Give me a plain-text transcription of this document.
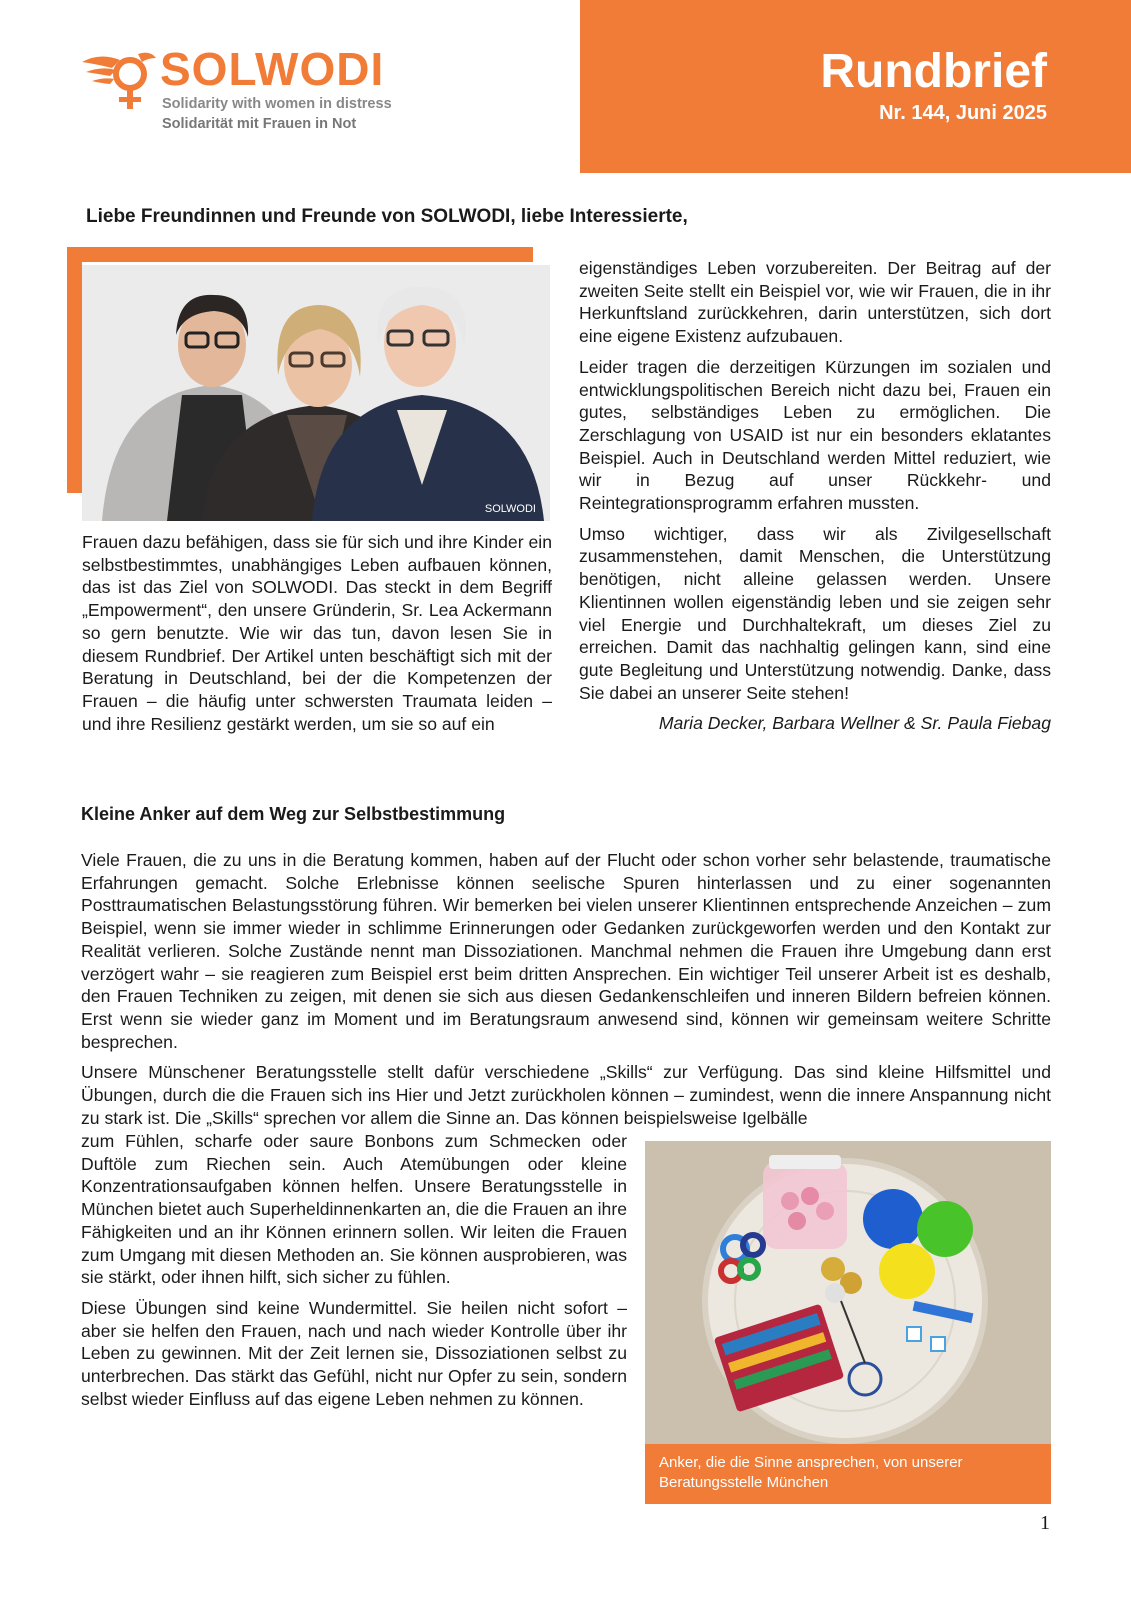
SOLWODI
Solidarity with women in distress
Solidarität mit Frauen in Not
Rundbrief
Nr. 144, Juni 2025
Liebe Freundinnen und Freunde von SOLWODI, liebe Interessierte,
SOLWODI
Frauen dazu befähigen, dass sie für sich und ihre Kinder ein selbstbestimmtes, unabhängiges Leben aufbauen können, das ist das Ziel von SOLWODI. Das steckt in dem Begriff „Empowerment“, den unsere Gründerin, Sr. Lea Ackermann so gern benutzte. Wie wir das tun, davon lesen Sie in diesem Rundbrief. Der Artikel unten beschäftigt sich mit der Beratung in Deutschland, bei der die Kompetenzen der Frauen – die häufig unter schwersten Traumata leiden – und ihre Resilienz gestärkt werden, um sie so auf ein

eigenständiges Leben vorzubereiten. Der Beitrag auf der zweiten Seite stellt ein Beispiel vor, wie wir Frauen, die in ihr Herkunftsland zurückkehren, darin unterstützen, sich dort eine eigene Existenz aufzubauen.

Leider tragen die derzeitigen Kürzungen im sozialen und entwicklungspolitischen Bereich nicht dazu bei, Frauen ein gutes, selbständiges Leben zu ermöglichen. Die Zerschlagung von USAID ist nur ein besonders eklatantes Beispiel. Auch in Deutschland werden Mittel reduziert, wie wir in Bezug auf unser Rückkehr- und Reintegrationsprogramm erfahren mussten.

Umso wichtiger, dass wir als Zivilgesellschaft zusammenstehen, damit Menschen, die Unterstützung benötigen, nicht alleine gelassen werden. Unsere Klientinnen wollen eigenständig leben und sie zeigen sehr viel Energie und Durchhaltekraft, um dieses Ziel zu erreichen. Damit das nachhaltig gelingen kann, sind eine gute Begleitung und Unterstützung notwendig. Danke, dass Sie dabei an unserer Seite stehen!

Maria Decker, Barbara Wellner & Sr. Paula Fiebag
Kleine Anker auf dem Weg zur Selbstbestimmung

Viele Frauen, die zu uns in die Beratung kommen, haben auf der Flucht oder schon vorher sehr belastende, traumatische Erfahrungen gemacht. Solche Erlebnisse können seelische Spuren hinterlassen und zu einer sogenannten Posttraumatischen Belastungsstörung führen. Wir bemerken bei vielen unserer Klientinnen entsprechende Anzeichen – zum Beispiel, wenn sie immer wieder in schlimme Erinnerungen oder Gedanken zurückgeworfen werden und den Kontakt zur Realität verlieren. Solche Zustände nennt man Dissoziationen. Manchmal nehmen die Frauen ihre Umgebung dann erst verzögert wahr – sie reagieren zum Beispiel erst beim dritten Ansprechen. Ein wichtiger Teil unserer Arbeit ist es deshalb, den Frauen Techniken zu zeigen, mit denen sie sich aus diesen Gedankenschleifen und inneren Bildern befreien können. Erst wenn sie wieder ganz im Moment und im Beratungsraum anwesend sind, können wir gemeinsam weitere Schritte besprechen.

Unsere Münschener Beratungsstelle stellt dafür verschiedene „Skills“ zur Verfügung. Das sind kleine Hilfsmittel und Übungen, durch die die Frauen sich ins Hier und Jetzt zurückholen können – zumindest, wenn die innere Anspannung nicht zu stark ist. Die „Skills“ sprechen vor allem die Sinne an. Das können beispielsweise Igelbälle

zum Fühlen, scharfe oder saure Bonbons zum Schmecken oder Duftöle zum Riechen sein. Auch Atemübungen oder kleine Konzentrationsaufgaben können helfen. Unsere Beratungsstelle in München bietet auch Superheldinnenkarten an, die die Frauen an ihre Fähigkeiten und an ihr Können erinnern sollen. Wir leiten die Frauen zum Umgang mit diesen Methoden an. Sie können ausprobieren, was sie stärkt, oder ihnen hilft, sich sicher zu fühlen.

Diese Übungen sind keine Wundermittel. Sie heilen nicht sofort – aber sie helfen den Frauen, nach und nach wieder Kontrolle über ihr Leben zu gewinnen. Mit der Zeit lernen sie, Dissoziationen selbst zu unterbrechen. Das stärkt das Gefühl, nicht nur Opfer zu sein, sondern selbst wieder Einfluss auf das eigene Leben nehmen zu können.

Anker, die die Sinne ansprechen, von unserer Beratungsstelle München
1
